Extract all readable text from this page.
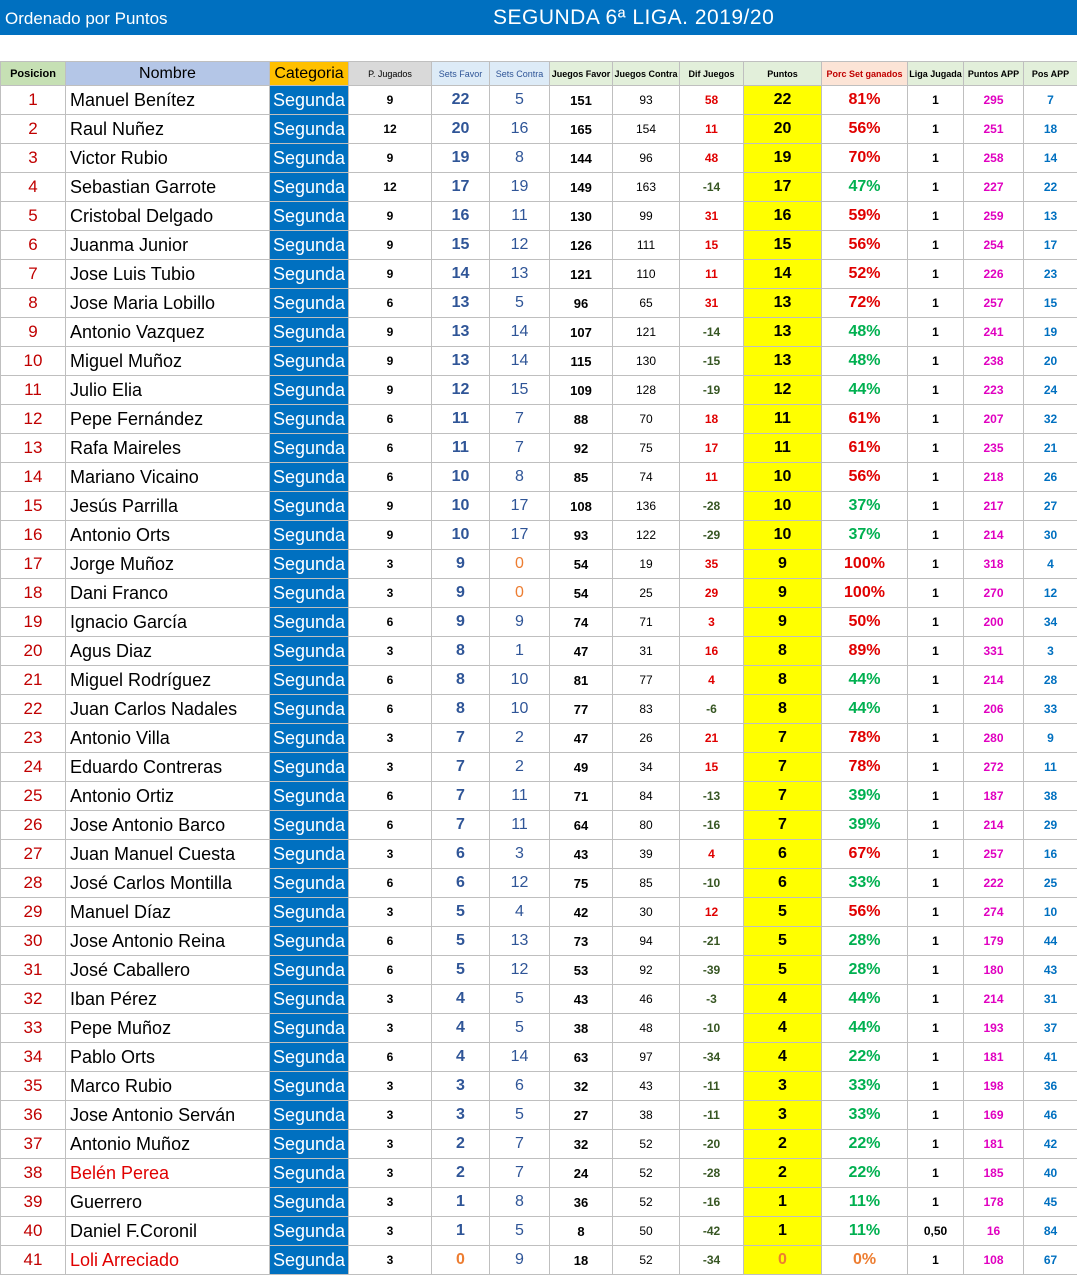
Ordenado por Puntos	SEGUNDA 6ª LIGA. 2019/20
Posicion	Nombre	Categoria	P. Jugados	Sets Favor	Sets Contra	Juegos Favor	Juegos Contra	Dif Juegos	Puntos	Porc Set ganados	Liga Jugada	Puntos APP	Pos APP
1	Manuel Benítez	Segunda	9	22	5	151	93	58	22	81%	1	295	7
2	Raul Nuñez	Segunda	12	20	16	165	154	11	20	56%	1	251	18
3	Victor Rubio	Segunda	9	19	8	144	96	48	19	70%	1	258	14
4	Sebastian Garrote	Segunda	12	17	19	149	163	-14	17	47%	1	227	22
5	Cristobal Delgado	Segunda	9	16	11	130	99	31	16	59%	1	259	13
6	Juanma Junior	Segunda	9	15	12	126	111	15	15	56%	1	254	17
7	Jose Luis Tubio	Segunda	9	14	13	121	110	11	14	52%	1	226	23
8	Jose Maria Lobillo	Segunda	6	13	5	96	65	31	13	72%	1	257	15
9	Antonio Vazquez	Segunda	9	13	14	107	121	-14	13	48%	1	241	19
10	Miguel Muñoz	Segunda	9	13	14	115	130	-15	13	48%	1	238	20
11	Julio Elia	Segunda	9	12	15	109	128	-19	12	44%	1	223	24
12	Pepe Fernández	Segunda	6	11	7	88	70	18	11	61%	1	207	32
13	Rafa Maireles	Segunda	6	11	7	92	75	17	11	61%	1	235	21
14	Mariano Vicaino	Segunda	6	10	8	85	74	11	10	56%	1	218	26
15	Jesús Parrilla	Segunda	9	10	17	108	136	-28	10	37%	1	217	27
16	Antonio Orts	Segunda	9	10	17	93	122	-29	10	37%	1	214	30
17	Jorge Muñoz	Segunda	3	9	0	54	19	35	9	100%	1	318	4
18	Dani Franco	Segunda	3	9	0	54	25	29	9	100%	1	270	12
19	Ignacio García	Segunda	6	9	9	74	71	3	9	50%	1	200	34
20	Agus Diaz	Segunda	3	8	1	47	31	16	8	89%	1	331	3
21	Miguel Rodríguez	Segunda	6	8	10	81	77	4	8	44%	1	214	28
22	Juan Carlos Nadales	Segunda	6	8	10	77	83	-6	8	44%	1	206	33
23	Antonio Villa	Segunda	3	7	2	47	26	21	7	78%	1	280	9
24	Eduardo Contreras	Segunda	3	7	2	49	34	15	7	78%	1	272	11
25	Antonio Ortiz	Segunda	6	7	11	71	84	-13	7	39%	1	187	38
26	Jose Antonio Barco	Segunda	6	7	11	64	80	-16	7	39%	1	214	29
27	Juan Manuel Cuesta	Segunda	3	6	3	43	39	4	6	67%	1	257	16
28	José Carlos Montilla	Segunda	6	6	12	75	85	-10	6	33%	1	222	25
29	Manuel Díaz	Segunda	3	5	4	42	30	12	5	56%	1	274	10
30	Jose Antonio Reina	Segunda	6	5	13	73	94	-21	5	28%	1	179	44
31	José Caballero	Segunda	6	5	12	53	92	-39	5	28%	1	180	43
32	Iban Pérez	Segunda	3	4	5	43	46	-3	4	44%	1	214	31
33	Pepe Muñoz	Segunda	3	4	5	38	48	-10	4	44%	1	193	37
34	Pablo Orts	Segunda	6	4	14	63	97	-34	4	22%	1	181	41
35	Marco Rubio	Segunda	3	3	6	32	43	-11	3	33%	1	198	36
36	Jose Antonio Serván	Segunda	3	3	5	27	38	-11	3	33%	1	169	46
37	Antonio Muñoz	Segunda	3	2	7	32	52	-20	2	22%	1	181	42
38	Belén Perea	Segunda	3	2	7	24	52	-28	2	22%	1	185	40
39	Guerrero	Segunda	3	1	8	36	52	-16	1	11%	1	178	45
40	Daniel F.Coronil	Segunda	3	1	5	8	50	-42	1	11%	0,50	16	84
41	Loli Arreciado	Segunda	3	0	9	18	52	-34	0	0%	1	108	67
